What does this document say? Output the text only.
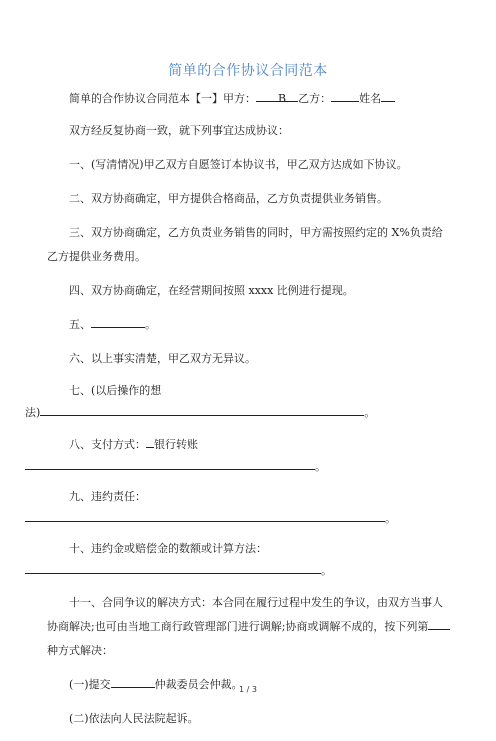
简单的合作协议合同范本

简单的合作协议合同范本【一】甲方： B 乙方：	姓名

双方经反复协商一致，就下列事宜达成协议：

一、(写清情况)甲乙双方自愿签订本协议书，甲乙双方达成如下协议。

二、双方协商确定，甲方提供合格商品，乙方负责提供业务销售。

三、双方协商确定，乙方负责业务销售的同时，甲方需按照约定的 X%负责给乙方提供业务费用。

四、双方协商确定，在经营期间按照 xxxx 比例进行提现。

五、	。

六、以上事实清楚，甲乙双方无异议。

七、(以后操作的想
法)	。

八、支付方式： 银行转账
。

九、违约责任：
。

十、违约金或赔偿金的数额或计算方法：
。

十一、合同争议的解决方式：本合同在履行过程中发生的争议，由双方当事人协商解决;也可由当地工商行政管理部门进行调解;协商或调解不成的，按下列第种方式解决：

(一)提交	仲裁委员会仲裁。

(二)依法向人民法院起诉。

1 / 3
